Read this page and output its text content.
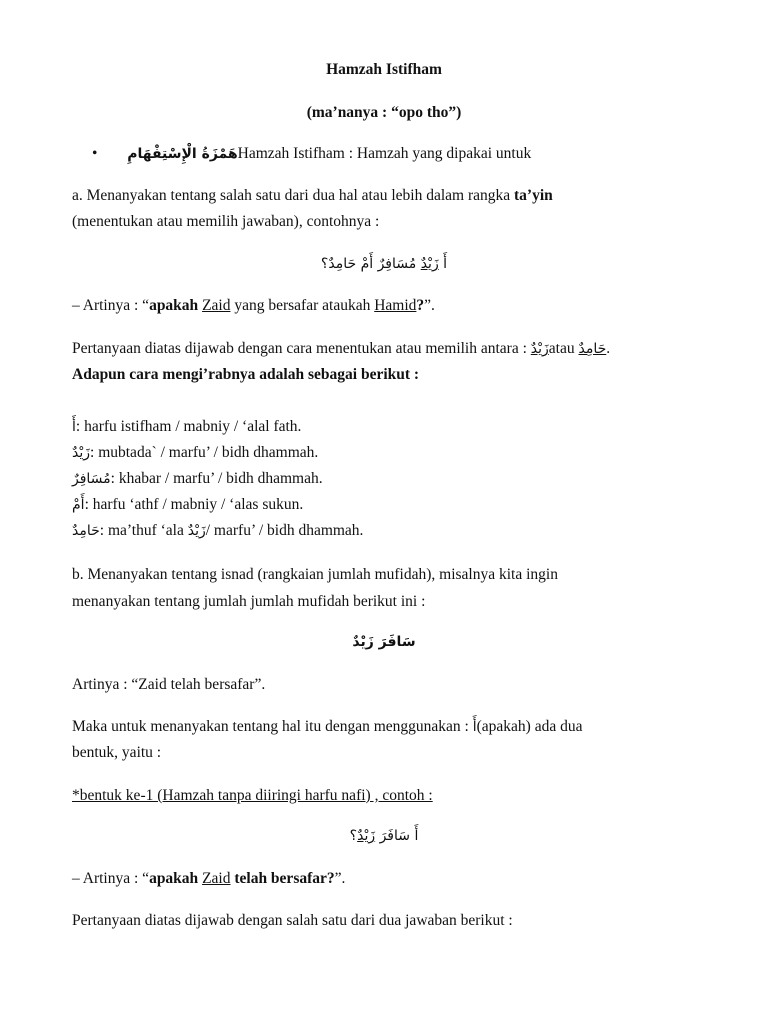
Hamzah Istifham
(ma’nanya : “opo tho”)
• هَمْزَةُ الْإِسْتِفْهَامِHamzah Istifham : Hamzah yang dipakai untuk
a. Menanyakan tentang salah satu dari dua hal atau lebih dalam rangka ta’yin
(menentukan atau memilih jawaban), contohnya :
أَ زَيْدٌ مُسَافِرٌ أَمْ حَامِدٌ؟
– Artinya : “apakah Zaid yang bersafar ataukah Hamid?”.
Pertanyaan diatas dijawab dengan cara menentukan atau memilih antara : زَيْدٌatau حَامِدٌ.
Adapun cara mengi’rabnya adalah sebagai berikut :
أَ: harfu istifham / mabniy / ‘alal fath.
زَيْدٌ: mubtada` / marfu’ / bidh dhammah.
مُسَافِرٌ: khabar / marfu’ / bidh dhammah.
أَمْ: harfu ‘athf / mabniy / ‘alas sukun.
حَامِدٌ: ma’thuf ‘ala زَيْدٌ/ marfu’ / bidh dhammah.
b. Menanyakan tentang isnad (rangkaian jumlah mufidah), misalnya kita ingin
menanyakan tentang jumlah jumlah mufidah berikut ini :
سَافَرَ زَيْدٌ
Artinya : “Zaid telah bersafar”.
Maka untuk menanyakan tentang hal itu dengan menggunakan : أَ(apakah) ada dua
bentuk, yaitu :
*bentuk ke-1 (Hamzah tanpa diiringi harfu nafi) , contoh :
أَ سَافَرَ زَيْدٌ؟
– Artinya : “apakah Zaid telah bersafar?”.
Pertanyaan diatas dijawab dengan salah satu dari dua jawaban berikut :
